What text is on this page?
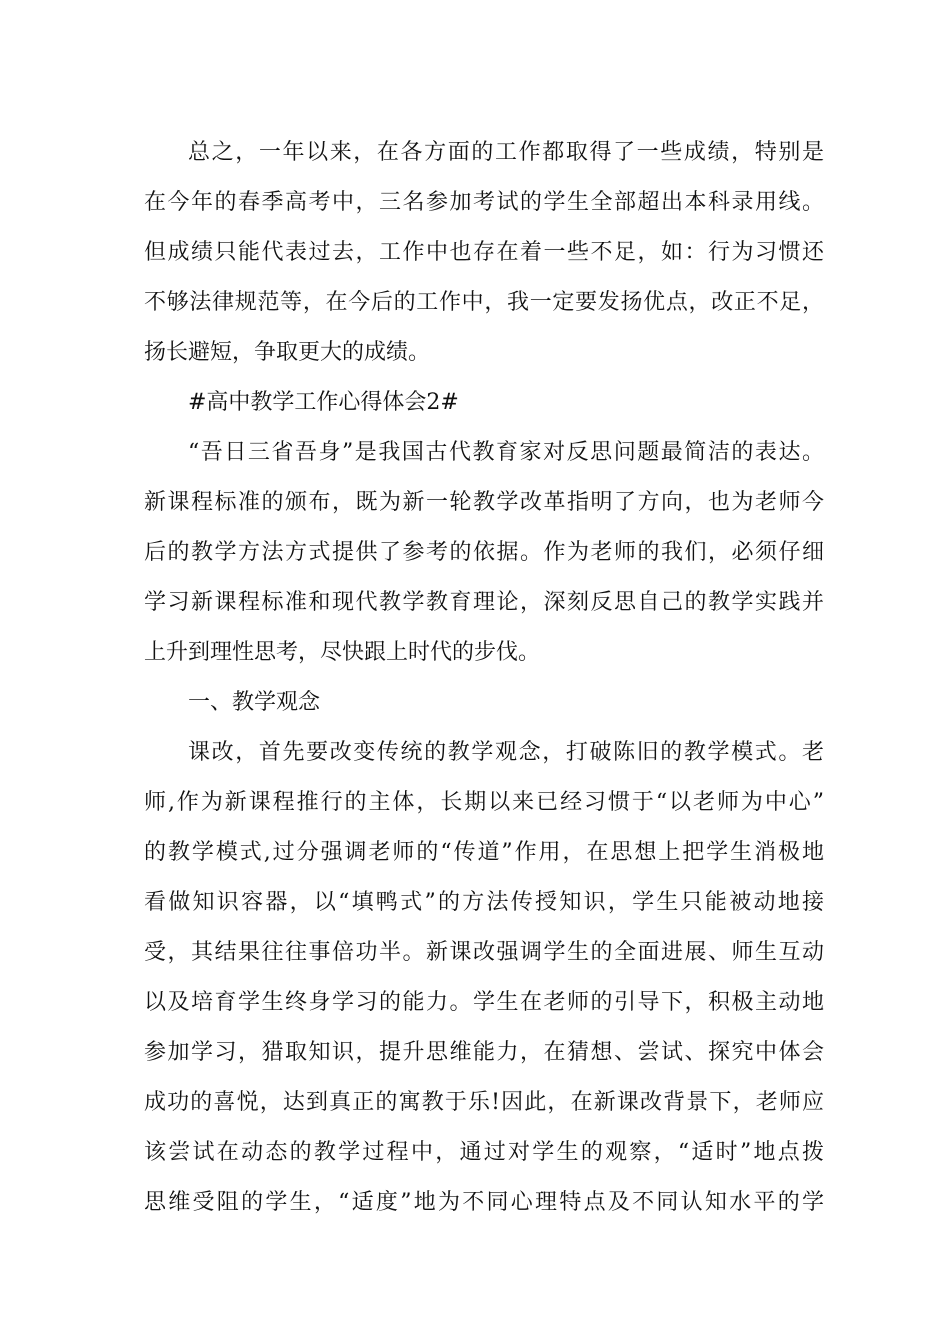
总之，一年以来，在各方面的工作都取得了一些成绩，特别是
在今年的春季高考中，三名参加考试的学生全部超出本科录用线。
但成绩只能代表过去，工作中也存在着一些不足，如：行为习惯还
不够法律规范等，在今后的工作中，我一定要发扬优点，改正不足，
扬长避短，争取更大的成绩。
#高中教学工作心得体会2#
“吾日三省吾身”是我国古代教育家对反思问题最简洁的表达。
新课程标准的颁布，既为新一轮教学改革指明了方向，也为老师今
后的教学方法方式提供了参考的依据。作为老师的我们，必须仔细
学习新课程标准和现代教学教育理论，深刻反思自己的教学实践并
上升到理性思考，尽快跟上时代的步伐。
一、教学观念
课改，首先要改变传统的教学观念，打破陈旧的教学模式。老
师,作为新课程推行的主体，长期以来已经习惯于“以老师为中心”
的教学模式,过分强调老师的“传道”作用，在思想上把学生消极地
看做知识容器，以“填鸭式”的方法传授知识，学生只能被动地接
受，其结果往往事倍功半。新课改强调学生的全面进展、师生互动
以及培育学生终身学习的能力。学生在老师的引导下，积极主动地
参加学习，猎取知识，提升思维能力，在猜想、尝试、探究中体会
成功的喜悦，达到真正的寓教于乐!因此，在新课改背景下，老师应
该尝试在动态的教学过程中，通过对学生的观察，“适时”地点拨
思维受阻的学生，“适度”地为不同心理特点及不同认知水平的学
